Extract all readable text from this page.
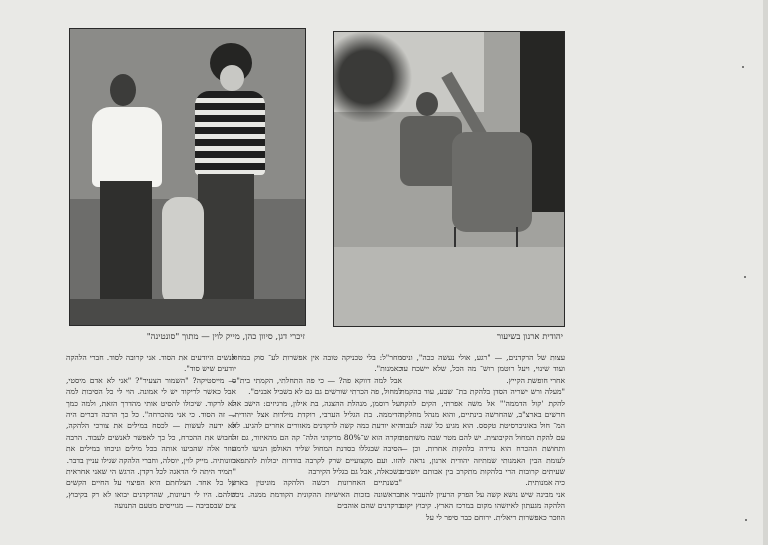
זיכרי דגן, סיוון כהן, מייק לוין — מתוך "סונטינה"	יהודית ארנון בשיעור

אנשים היודעים את הסוד. אני קרובה לסוד. חברי הלהקה יודעים שיש סוד".

— מייסטיקה? "השמור הצעיר"? "אני לא אדם מיסטי, אבל כאשר לריקוד יש לי אמונה. הוי לי כל הסיבות למה לא לרקוד. שיכולו להסיט אותי מהדרך הזאת, ולמה כמך — זה הסוד. כי אני מהכרחה". כל כך הרבה דברים היה לא ידעה לעשות — לכסח במילים את צורכי הלהקה, לחבוש את ההכרח, כל כך לאפשר לאנשים לעבוד. הרבה עוזר אלה שהביעו אותה בכל מילים וניכחו במילים את כוונותיה. מייק לוין, יוסלה, וחברי הלהקה שגילו עניין בדבר.

"תמיד היתה לי הדאגה לכל רקדן. הרגש הי שאני אחראית על כל אחד. הצלחתם היא הפיצוי על החיים הקשים שלהם. היו לי רעיונות, שהרקדנים יבואו לא רק בקיבוץ, צים שבסביבה — מגוייסים מטעם התנועה

מחר"ל: בלי טכניקה טובה אין אפשרות לע־ סוק במחול כאמנות".

אבל למה דווקא פה? — כי פה התחלתי, הקמתי בית"ס למחול, פה הכרתי שורשים גם גם לא בשביל אבנים".

יעל רוסמן, מנהלת ההצגה, בת אילון, מרגיזים: הישב את הדיממה. בת הגליל הערבי, רוקדת מילדות אצל יהודית. היא יודעת כמה קשה לרקדנים מאזורים אחרים להגיע. לא מקרה הוא ש־80% מרקדני הלה־ קה הם מהאיזור, גם זה הסיבה שבגללו בסדנת המחול שליד האולפן הגיעו לרמה הזו. ועם מקצועיים שרק לקרבה בודדות יכולות להתפאר בשכאלה, אבל גם בגליל הקירבה

"בשנתיים האחרונות רכשה הלהקה מוניטין בארץ ובראשונה בזכות האישיות ההקונית הקודמת ממנה. ניכר ברקדנים שהם אוהבים

עצות של הרקדנים, — "רגע, אולי נעשה ככה", וניסו ועוד שינוי, ויעל רוטמן רוש־ מה הכל, שלא יישכח עד אחרי חופשת הקייץ.

"מעלה ורש ישריה הסדן בלהקת בת־ שבע, עוד בהקמת להקת 'קול הדממה'" אל משה אפרתי, הקים להקה חרשים בארצ"ב, שהחרשה בינתיים, והוא מנהל מחלקת המ־ חול באוניברסיטת טקסס. הוא מגיע כל שנה לעבוד עם להקת המחול הקיבוצית. יש להם מטר שבה משותפת ותחושת ההכרח הוא נדירה בלהקות אחרות. וכן — לעומת הבין האמנותי שמתיזה יהודית ארנון, נראה לי שעיתים קרובות הרי בלהקות מתקרב בין אבותם יושבים כיה אמנותית.

אני מבינה שיש נושא קשה על הפרק הרעיון להעביר את הלהקה מגעתון לאיזשהו מקום במרכז הארץ. קיבוץ יקום הוזכר כאפשרות ריאלית. ירוחם כבר סיפר לי על
